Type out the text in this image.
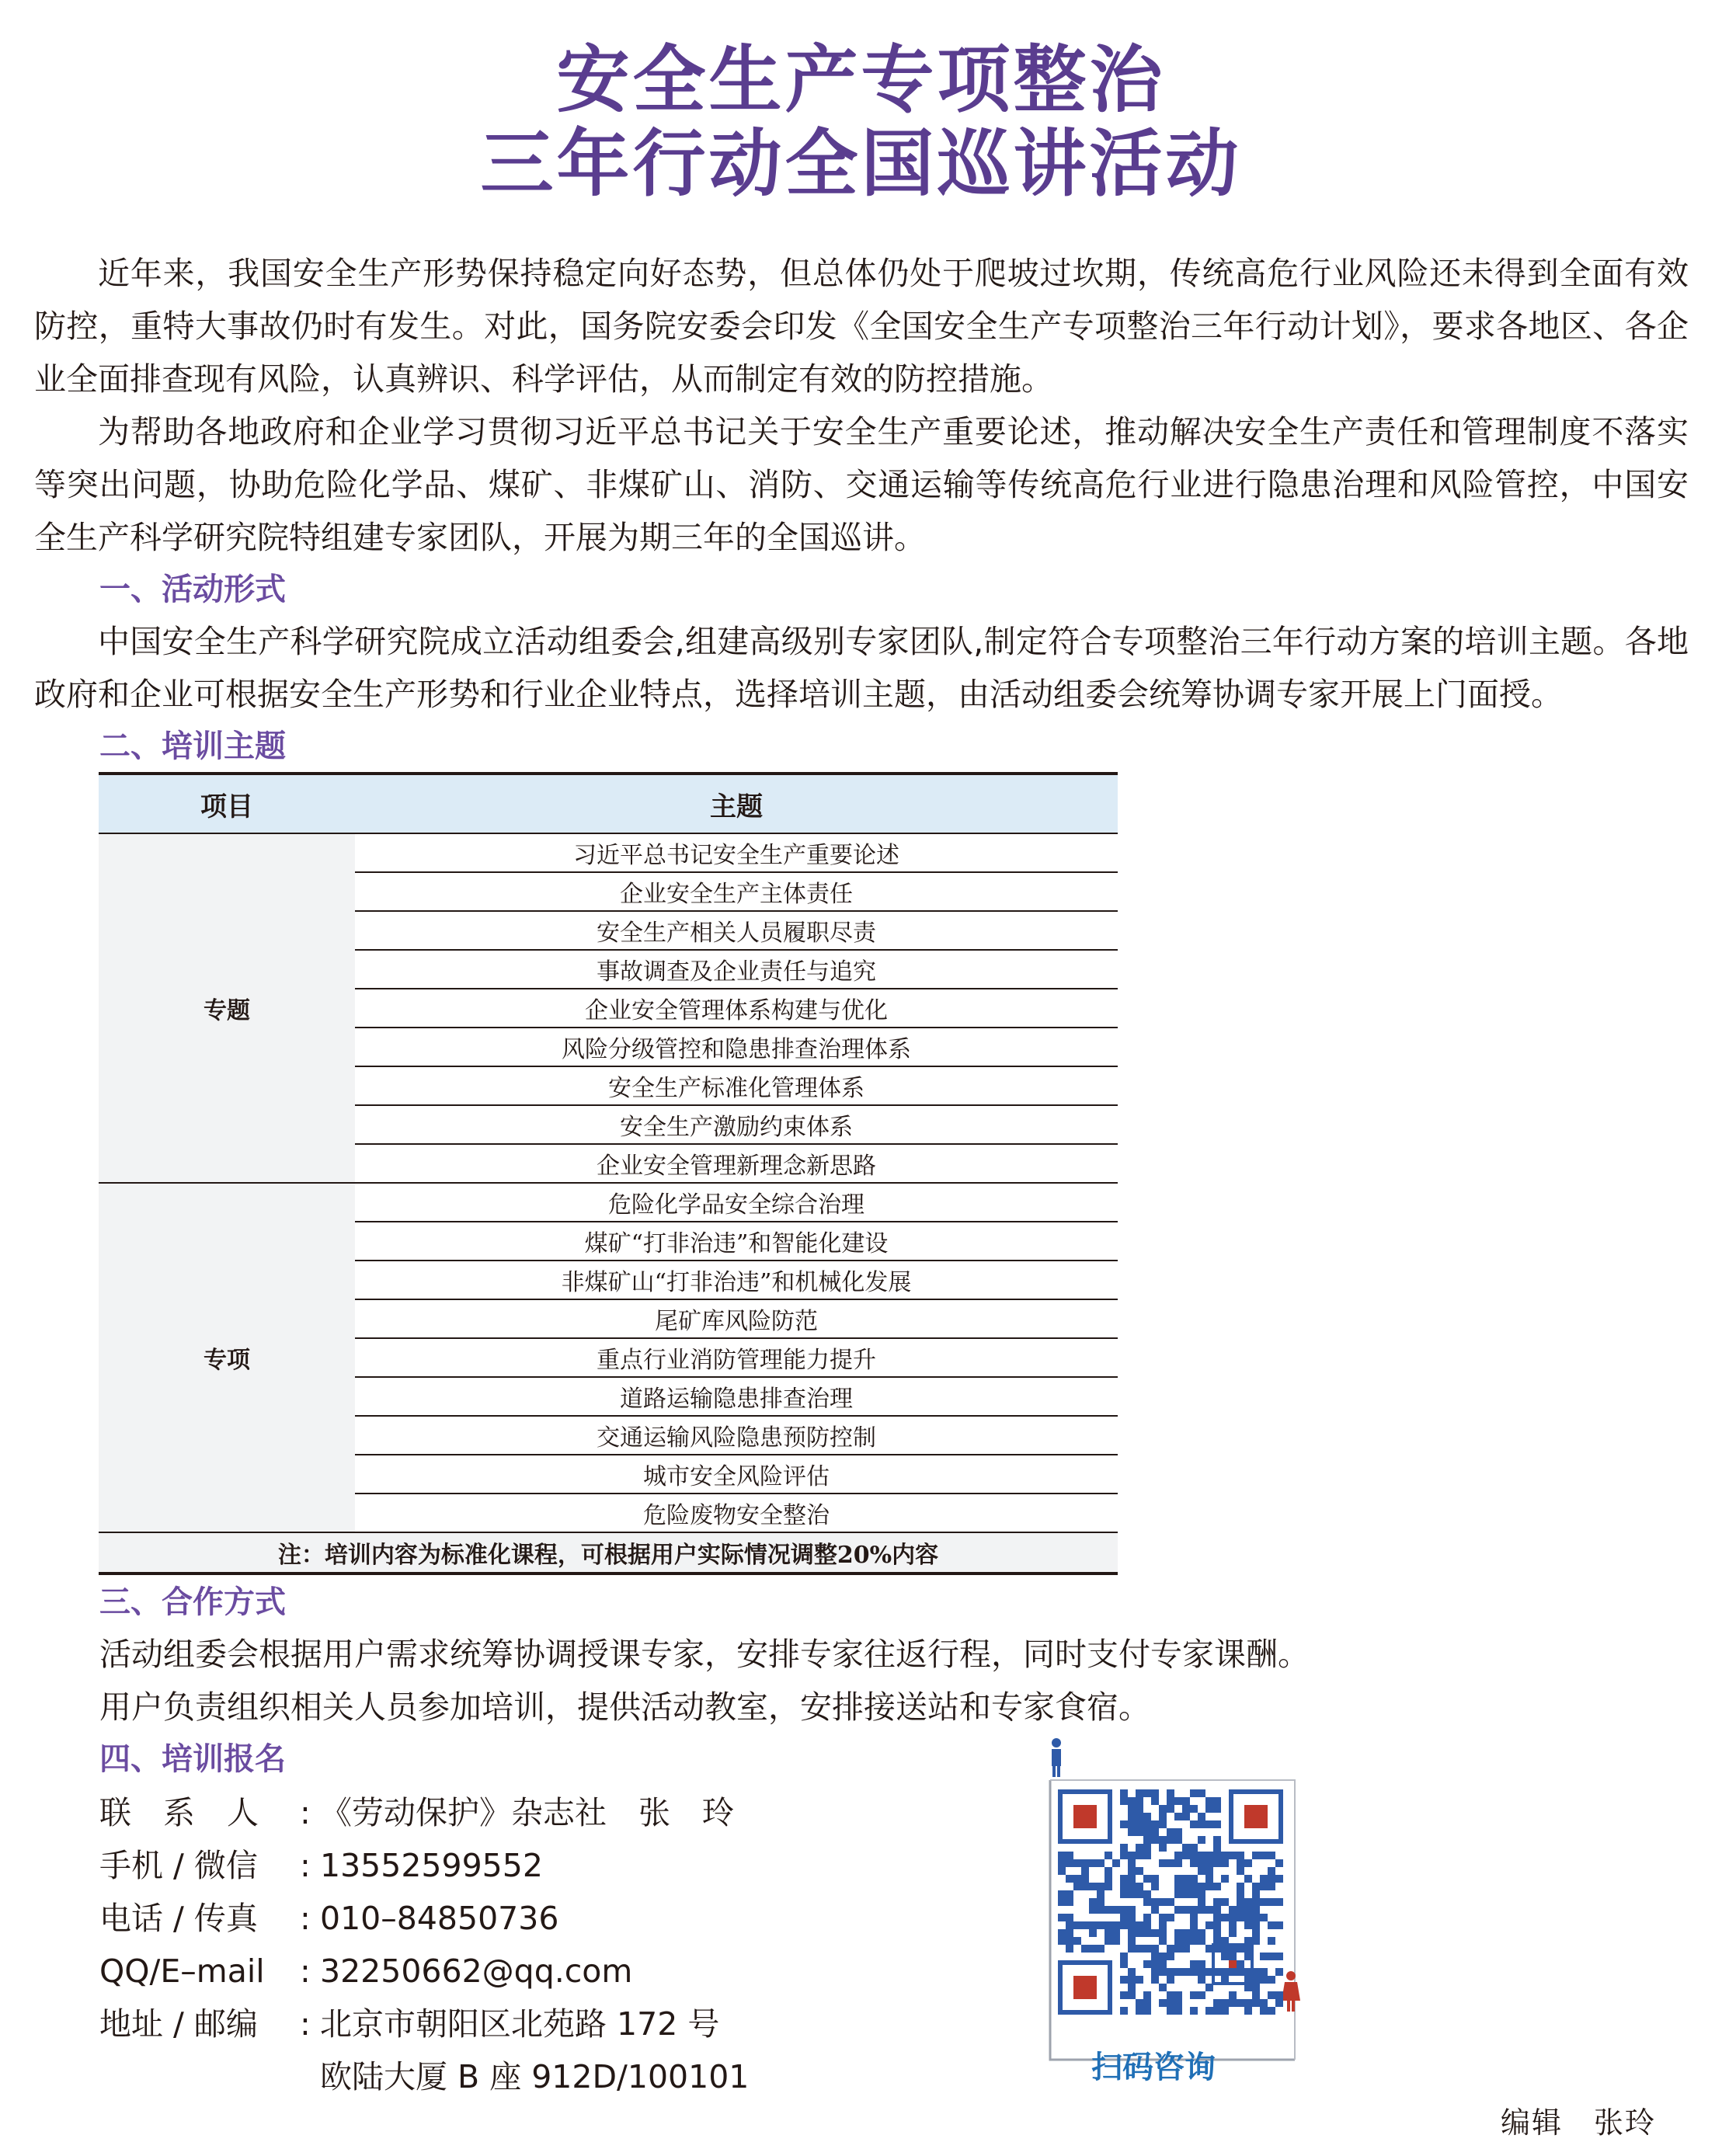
安全生产专项整治
三年行动全国巡讲活动
近年来，我国安全生产形势保持稳定向好态势，但总体仍处于爬坡过坎期，传统高危行业风险还未得到全面有效防控，重特大事故仍时有发生。对此，国务院安委会印发《全国安全生产专项整治三年行动计划》，要求各地区、各企业全面排查现有风险，认真辨识、科学评估，从而制定有效的防控措施。
为帮助各地政府和企业学习贯彻习近平总书记关于安全生产重要论述，推动解决安全生产责任和管理制度不落实等突出问题，协助危险化学品、煤矿、非煤矿山、消防、交通运输等传统高危行业进行隐患治理和风险管控，中国安全生产科学研究院特组建专家团队，开展为期三年的全国巡讲。
一、活动形式
中国安全生产科学研究院成立活动组委会,组建高级别专家团队,制定符合专项整治三年行动方案的培训主题。各地政府和企业可根据安全生产形势和行业企业特点，选择培训主题，由活动组委会统筹协调专家开展上门面授。
二、培训主题
项目	主题
专题	习近平总书记安全生产重要论述
	企业安全生产主体责任
	安全生产相关人员履职尽责
	事故调查及企业责任与追究
	企业安全管理体系构建与优化
	风险分级管控和隐患排查治理体系
	安全生产标准化管理体系
	安全生产激励约束体系
	企业安全管理新理念新思路
专项	危险化学品安全综合治理
	煤矿“打非治违”和智能化建设
	非煤矿山“打非治违”和机械化发展
	尾矿库风险防范
	重点行业消防管理能力提升
	道路运输隐患排查治理
	交通运输风险隐患预防控制
	城市安全风险评估
	危险废物安全整治
注：培训内容为标准化课程，可根据用户实际情况调整20%内容	
三、合作方式
活动组委会根据用户需求统筹协调授课专家，安排专家往返行程，同时支付专家课酬。
用户负责组织相关人员参加培训，提供活动教室，安排接送站和专家食宿。
四、培训报名
联　系　人	: 《劳动保护》杂志社　张　玲
手机 / 微信	: 13552599552
电话 / 传真	: 010–84850736
QQ/E–mail	: 32250662@qq.com
地址 / 邮编	: 北京市朝阳区北苑路 172 号
欧陆大厦 B 座 912D/100101	扫码咨询
编辑　张玲
